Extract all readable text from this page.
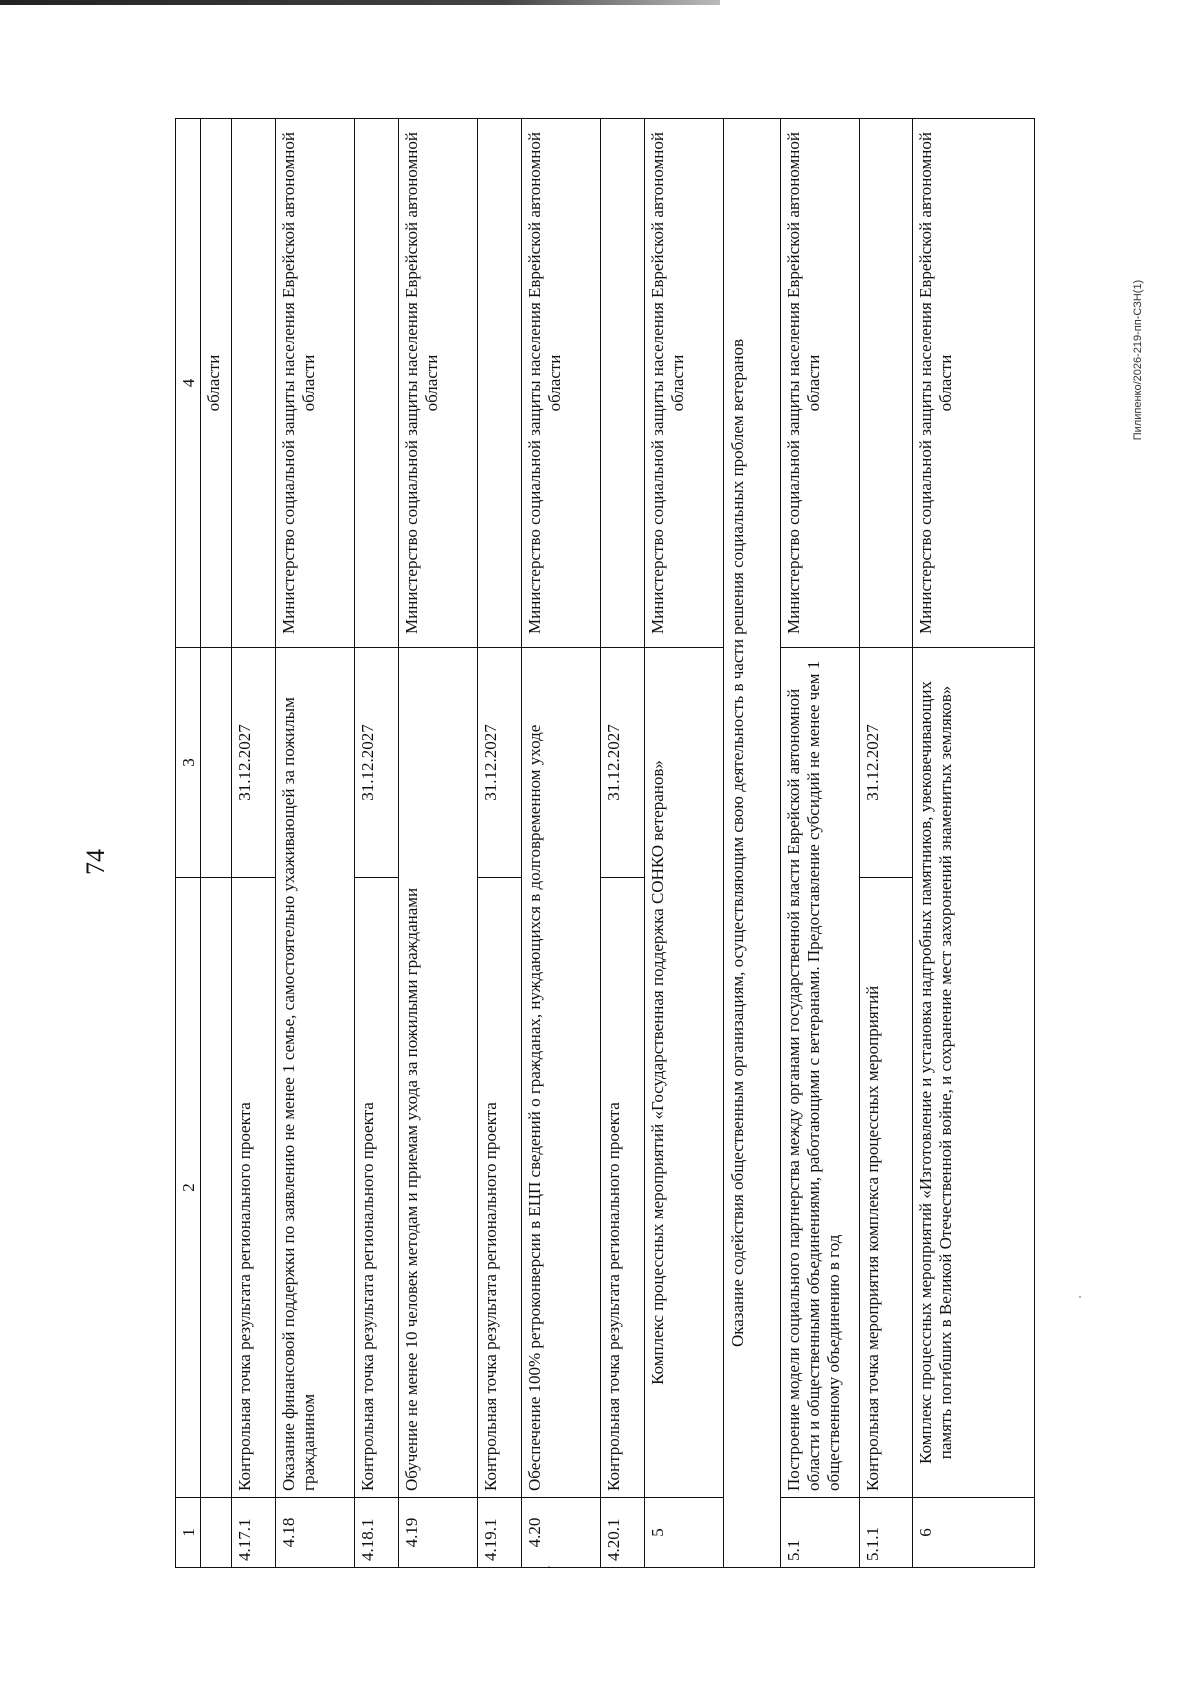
74
Пилипенко/2026-219-пп-СЗН(1)
1
2
3
4 области
4.17.1
Контрольная точка результата регионального проекта
31.12.2027
4.18
Оказание финансовой поддержки по заявлению не менее 1 семье, самостоятельно ухаживающей за пожилым гражданином
Министерство социальной защиты населения Еврейской автономной области
4.18.1
Контрольная точка результата регионального проекта
31.12.2027
4.19
Обучение не менее 10 человек методам и приемам ухода за пожилыми гражданами
Министерство социальной защиты населения Еврейской автономной области
4.19.1
Контрольная точка результата регионального проекта
31.12.2027
4.20
Обеспечение 100% ретроконверсии в ЕЦП сведений о гражданах, нуждающихся в долговременном уходе
Министерство социальной защиты населения Еврейской автономной области
4.20.1
Контрольная точка результата регионального проекта
31.12.2027
5
Комплекс процессных мероприятий «Государственная поддержка СОНКО ветеранов»
Министерство социальной защиты населения Еврейской автономной области	Оказание содействия общественным организациям, осуществляющим свою деятельность в части решения социальных проблем ветеранов
5.1
Построение модели социального партнерства между органами государственной власти Еврейской автономной области и общественными объединениями, работающими с ветеранами. Предоставление субсидий не менее чем 1 общественному объединению в год
Министерство социальной защиты населения Еврейской автономной области
5.1.1
Контрольная точка мероприятия комплекса процессных мероприятий
31.12.2027
6
Комплекс процессных мероприятий «Изготовление и установка надгробных памятников, увековечивающих память погибших в Великой Отечественной войне, и сохранение мест захоронений знаменитых земляков»
Министерство социальной защиты населения Еврейской автономной области
